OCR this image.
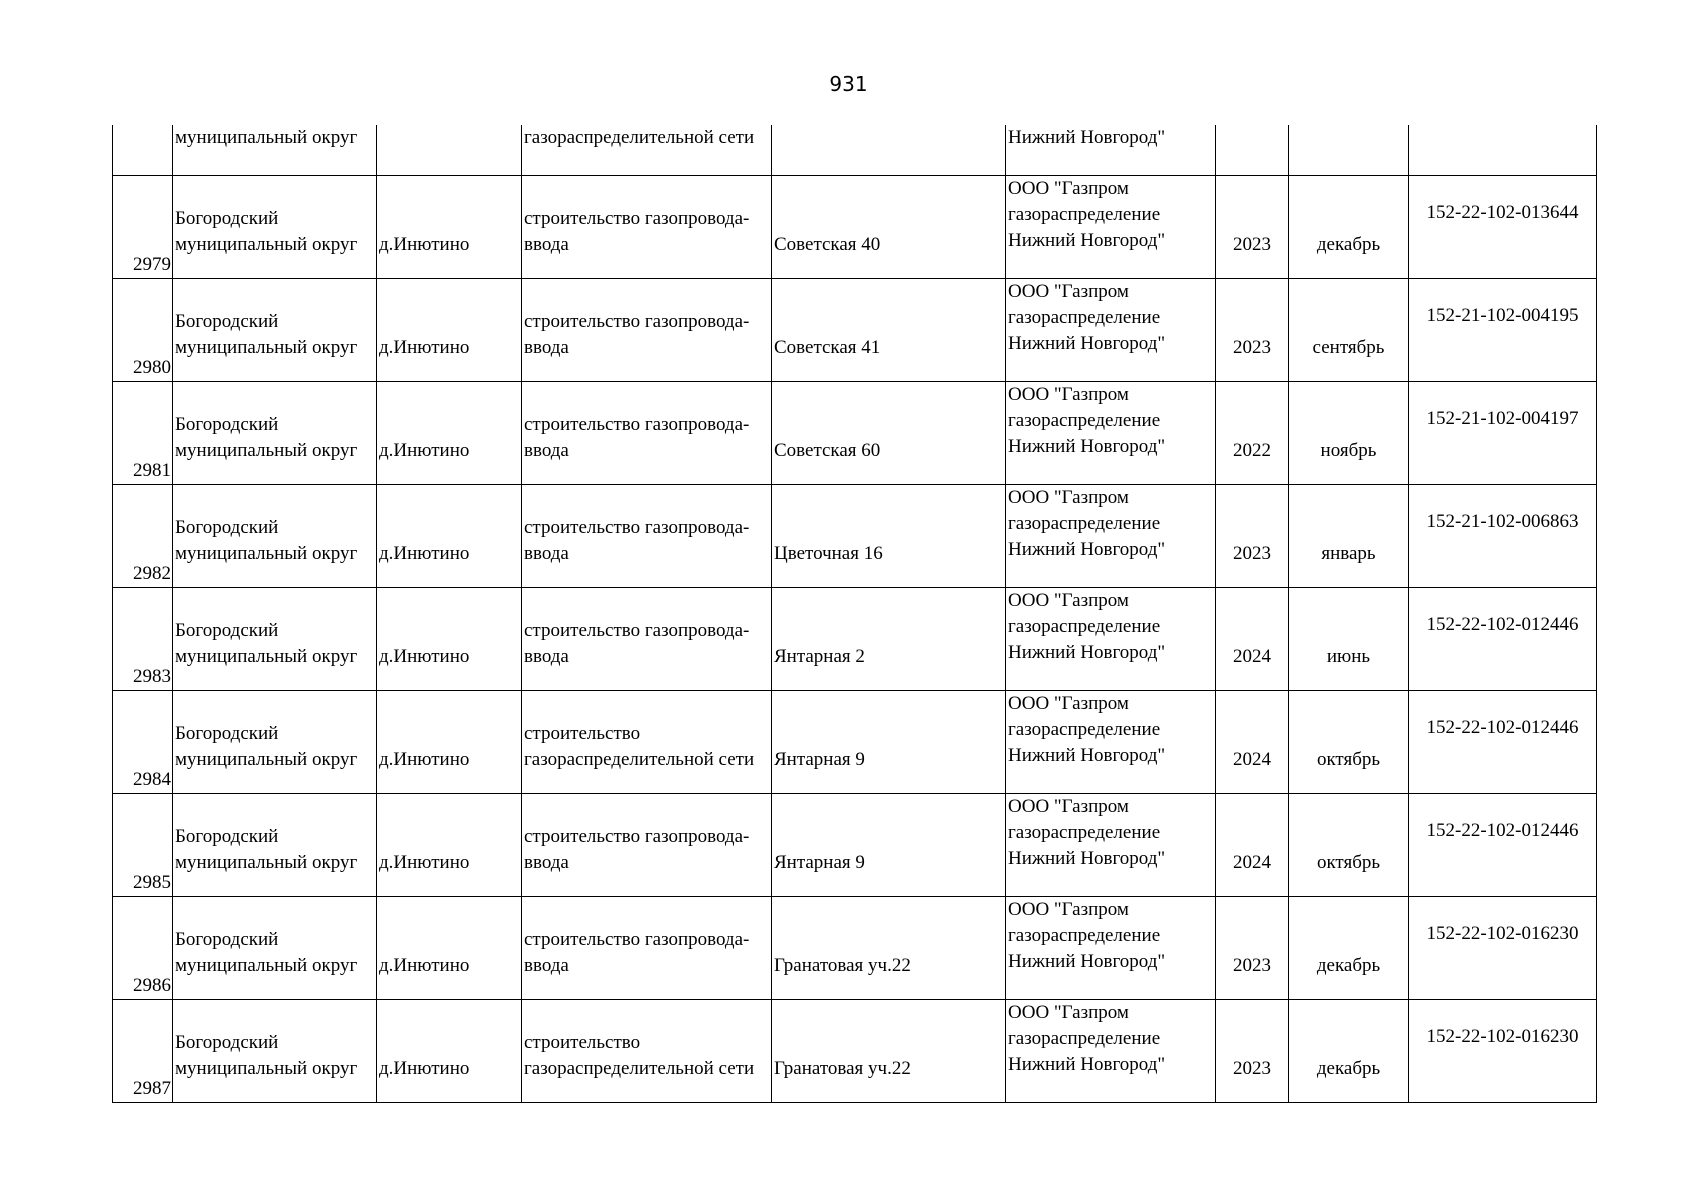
931
	муниципальный округ		газораспределительной сети		Нижний Новгород"			
2979	Богородский
муниципальный округ	д.Инютино	строительство газопровода-
ввода	Советская 40	ООО "Газпром
газораспределение
Нижний Новгород"	2023	декабрь	152-22-102-013644

2980	Богородский
муниципальный округ	д.Инютино	строительство газопровода-
ввода	Советская 41	ООО "Газпром
газораспределение
Нижний Новгород"	2023	сентябрь	152-21-102-004195

2981	Богородский
муниципальный округ	д.Инютино	строительство газопровода-
ввода	Советская 60	ООО "Газпром
газораспределение
Нижний Новгород"	2022	ноябрь	152-21-102-004197

2982	Богородский
муниципальный округ	д.Инютино	строительство газопровода-
ввода	Цветочная 16	ООО "Газпром
газораспределение
Нижний Новгород"	2023	январь	152-21-102-006863

2983	Богородский
муниципальный округ	д.Инютино	строительство газопровода-
ввода	Янтарная 2	ООО "Газпром
газораспределение
Нижний Новгород"	2024	июнь	152-22-102-012446

2984	Богородский
муниципальный округ	д.Инютино	строительство
газораспределительной сети	Янтарная 9	ООО "Газпром
газораспределение
Нижний Новгород"	2024	октябрь	152-22-102-012446

2985	Богородский
муниципальный округ	д.Инютино	строительство газопровода-
ввода	Янтарная 9	ООО "Газпром
газораспределение
Нижний Новгород"	2024	октябрь	152-22-102-012446

2986	Богородский
муниципальный округ	д.Инютино	строительство газопровода-
ввода	Гранатовая уч.22	ООО "Газпром
газораспределение
Нижний Новгород"	2023	декабрь	152-22-102-016230

2987	Богородский
муниципальный округ	д.Инютино	строительство
газораспределительной сети	Гранатовая уч.22	ООО "Газпром
газораспределение
Нижний Новгород"	2023	декабрь	152-22-102-016230
